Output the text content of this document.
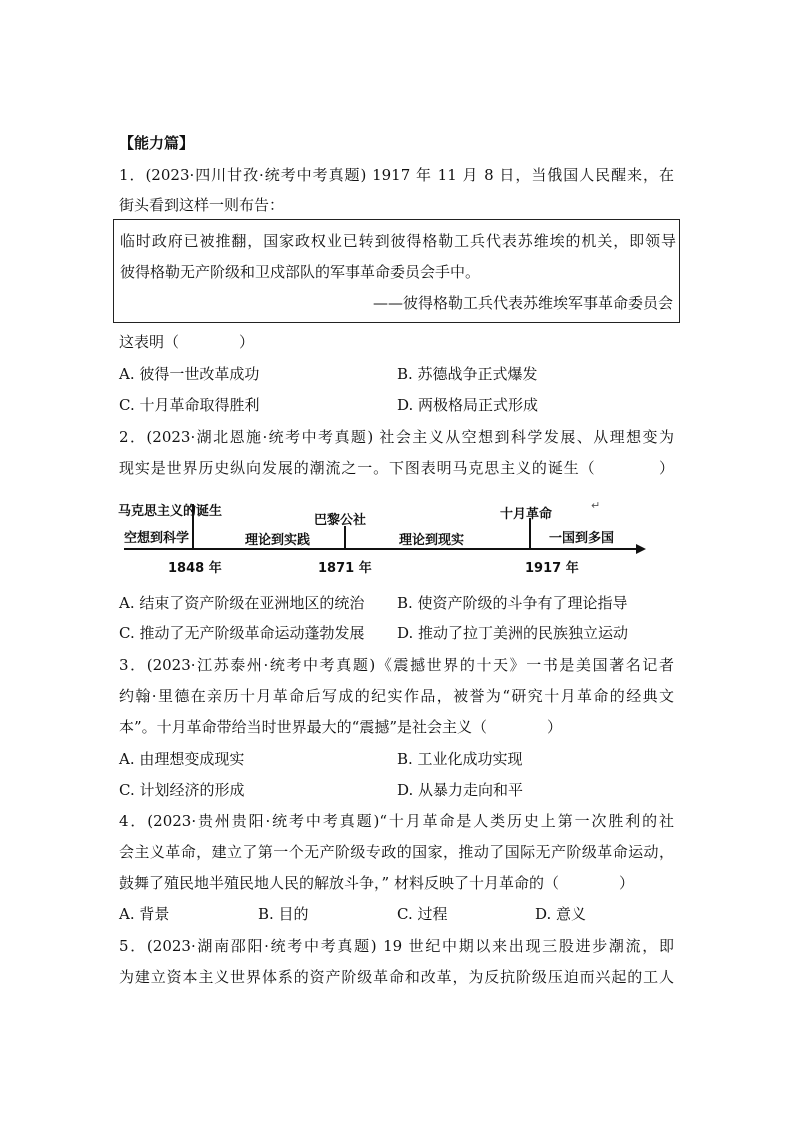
【能力篇】
1．(2023·四川甘孜·统考中考真题) 1917 年 11 月 8 日，当俄国人民醒来，在
街头看到这样一则布告：
临时政府已被推翻，国家政权业已转到彼得格勒工兵代表苏维埃的机关，即领导
彼得格勒无产阶级和卫戍部队的军事革命委员会手中。
——彼得格勒工兵代表苏维埃军事革命委员会
这表明（　　　　）
A. 彼得一世改革成功	B. 苏德战争正式爆发
C. 十月革命取得胜利	D. 两极格局正式形成
2．(2023·湖北恩施·统考中考真题) 社会主义从空想到科学发展、从理想变为
现实是世界历史纵向发展的潮流之一。下图表明马克思主义的诞生（　　　　）
马克思主义的诞生
巴黎公社	十月革命
↵
空想到科学	理论到实践	理论到现实	一国到多国
1848 年	1871 年	1917 年
A. 结束了资产阶级在亚洲地区的统治 B. 使资产阶级的斗争有了理论指导
C. 推动了无产阶级革命运动蓬勃发展 D. 推动了拉丁美洲的民族独立运动
3．(2023·江苏泰州·统考中考真题)《震撼世界的十天》一书是美国著名记者
约翰·里德在亲历十月革命后写成的纪实作品，被誉为“研究十月革命的经典文
本”。十月革命带给当时世界最大的“震撼”是社会主义（　　　　）
A. 由理想变成现实	B. 工业化成功实现
C. 计划经济的形成	D. 从暴力走向和平
4．(2023·贵州贵阳·统考中考真题)“十月革命是人类历史上第一次胜利的社
会主义革命，建立了第一个无产阶级专政的国家，推动了国际无产阶级革命运动，
鼓舞了殖民地半殖民地人民的解放斗争，” 材料反映了十月革命的（　　　　）
A. 背景	B. 目的	C. 过程	D. 意义
5．(2023·湖南邵阳·统考中考真题) 19 世纪中期以来出现三股进步潮流，即
为建立资本主义世界体系的资产阶级革命和改革，为反抗阶级压迫而兴起的工人
